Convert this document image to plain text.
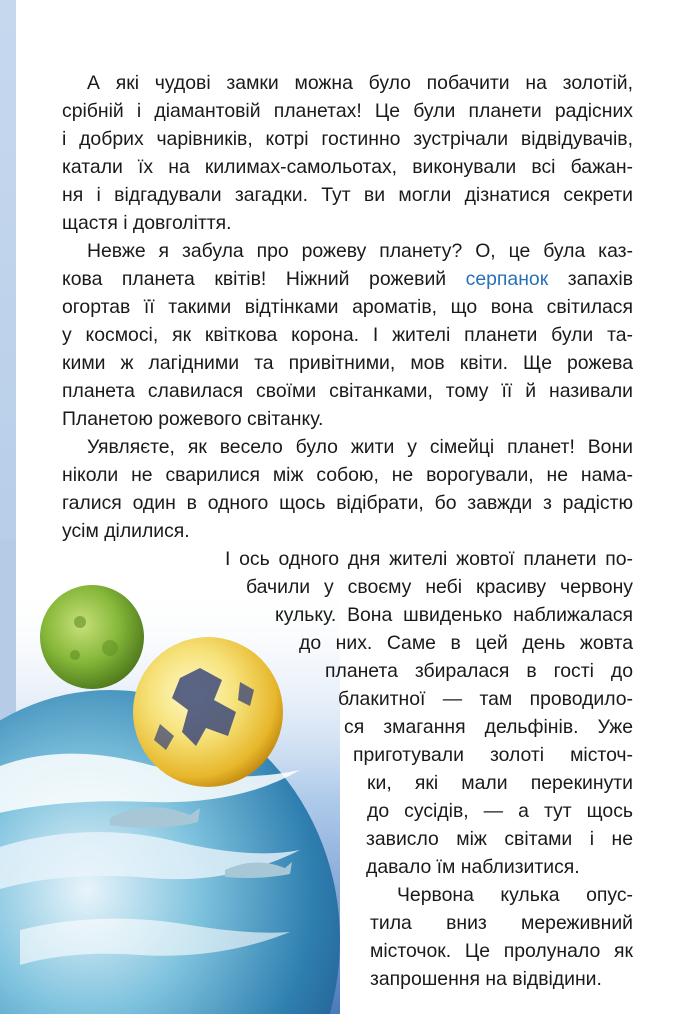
А які чудові замки можна було побачити на золотій,
срібній і діамантовій планетах! Це були планети радісних
і добрих чарівників, котрі гостинно зустрічали відвідувачів,
катали їх на килимах-самольотах, виконували всі бажан-
ня і відгадували загадки. Тут ви могли дізнатися секрети
щастя і довголіття.
Невже я забула про рожеву планету? О, це була каз-
кова планета квітів! Ніжний рожевий серпанок запахів
огортав її такими відтінками ароматів, що вона світилася
у космосі, як квіткова корона. І жителі планети були та-
кими ж лагідними та привітними, мов квіти. Ще рожева
планета славилася своїми світанками, тому її й називали
Планетою рожевого світанку.
Уявляєте, як весело було жити у сімейці планет! Вони
ніколи не сварилися між собою, не ворогували, не нама-
галися один в одного щось відібрати, бо завжди з радістю
усім ділилися.
І ось одного дня жителі жовтої планети по-
бачили у своєму небі красиву червону
кульку. Вона швиденько наближалася
до них. Саме в цей день жовта
планета збиралася в гості до
блакитної — там проводило-
ся змагання дельфінів. Уже
приготували золоті місточ-
ки, які мали перекинути
до сусідів, — а тут щось
зависло між світами і не
давало їм наблизитися.
Червона кулька опус-
тила вниз мереживний
місточок. Це пролунало як
запрошення на відвідини.
